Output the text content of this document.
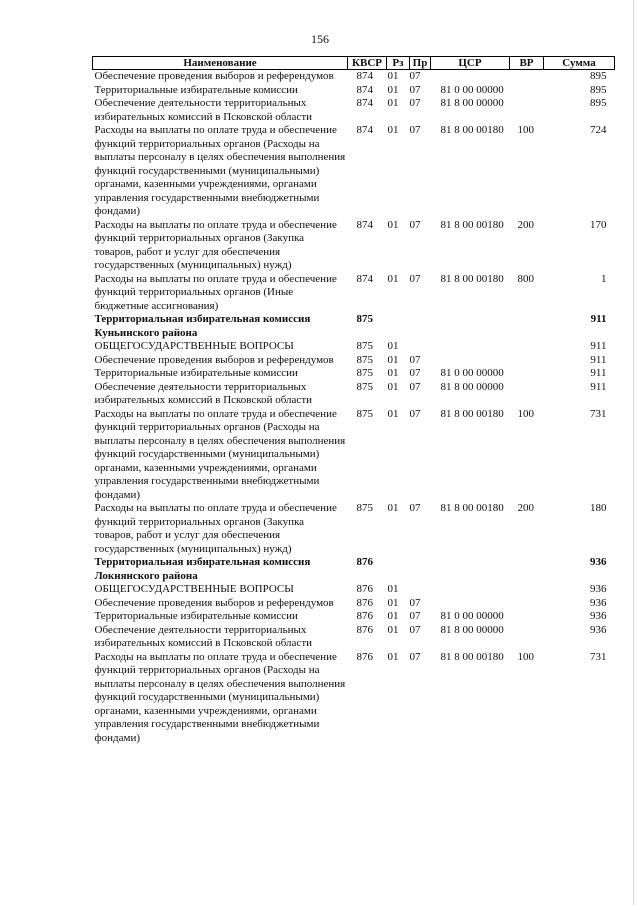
156
Наименование	КВСР	Рз	Пр	ЦСР	ВР	Сумма
Обеспечение проведения выборов и референдумов	874	01	07			895
Территориальные избирательные комиссии	874	01	07	81 0 00 00000		895
Обеспечение деятельности территориальных избирательных комиссий в Псковской области	874	01	07	81 8 00 00000		895
Расходы на выплаты по оплате труда и обеспечение функций территориальных органов (Расходы на выплаты персоналу в целях обеспечения выполнения функций государственными (муниципальными) органами, казенными учреждениями, органами управления государственными внебюджетными фондами)	874	01	07	81 8 00 00180	100	724
Расходы на выплаты по оплате труда и обеспечение функций территориальных органов (Закупка товаров, работ и услуг для обеспечения государственных (муниципальных) нужд)	874	01	07	81 8 00 00180	200	170
Расходы на выплаты по оплате труда и обеспечение функций территориальных органов (Иные бюджетные ассигнования)	874	01	07	81 8 00 00180	800	1
Территориальная избирательная комиссия Куньинского района	875					911
ОБЩЕГОСУДАРСТВЕННЫЕ ВОПРОСЫ	875	01				911
Обеспечение проведения выборов и референдумов	875	01	07			911
Территориальные избирательные комиссии	875	01	07	81 0 00 00000		911
Обеспечение деятельности территориальных избирательных комиссий в Псковской области	875	01	07	81 8 00 00000		911
Расходы на выплаты по оплате труда и обеспечение функций территориальных органов (Расходы на выплаты персоналу в целях обеспечения выполнения функций государственными (муниципальными) органами, казенными учреждениями, органами управления государственными внебюджетными фондами)	875	01	07	81 8 00 00180	100	731
Расходы на выплаты по оплате труда и обеспечение функций территориальных органов (Закупка товаров, работ и услуг для обеспечения государственных (муниципальных) нужд)	875	01	07	81 8 00 00180	200	180
Территориальная избирательная комиссия Локнянского района	876					936
ОБЩЕГОСУДАРСТВЕННЫЕ ВОПРОСЫ	876	01				936
Обеспечение проведения выборов и референдумов	876	01	07			936
Территориальные избирательные комиссии	876	01	07	81 0 00 00000		936
Обеспечение деятельности территориальных избирательных комиссий в Псковской области	876	01	07	81 8 00 00000		936
Расходы на выплаты по оплате труда и обеспечение функций территориальных органов (Расходы на выплаты персоналу в целях обеспечения выполнения функций государственными (муниципальными) органами, казенными учреждениями, органами управления государственными внебюджетными фондами)	876	01	07	81 8 00 00180	100	731
